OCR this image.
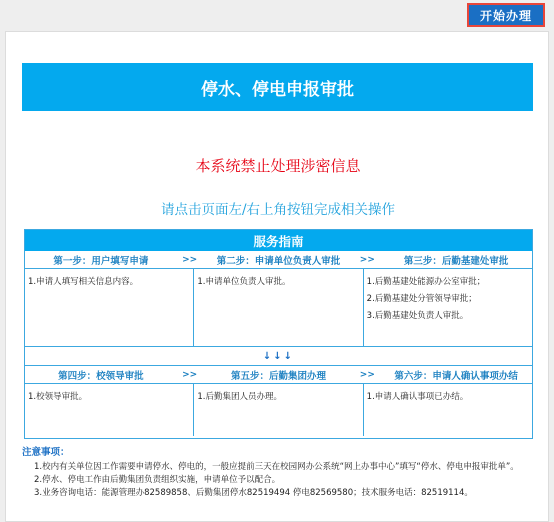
开始办理
停水、停电申报审批
本系统禁止处理涉密信息
请点击页面左/右上角按钮完成相关操作
服务指南
第一步：用户填写申请	>>	第二步：申请单位负责人审批	>>	第三步：后勤基建处审批
1.申请人填写相关信息内容。	1.申请单位负责人审批。	1.后勤基建处能源办公室审批；
2.后勤基建处分管领导审批；
3.后勤基建处负责人审批。
↓↓↓
第四步：校领导审批	>>	第五步：后勤集团办理	>>	第六步：申请人确认事项办结
1.校领导审批。	1.后勤集团人员办理。	1.申请人确认事项已办结。
注意事项：
1.校内有关单位因工作需要申请停水、停电的，一般应提前三天在校园网办公系统“网上办事中心”填写“停水、停电申报审批单”。
2.停水、停电工作由后勤集团负责组织实施，申请单位予以配合。
3.业务咨询电话：能源管理办82589858、后勤集团停水82519494 停电82569580；技术服务电话：82519114。
